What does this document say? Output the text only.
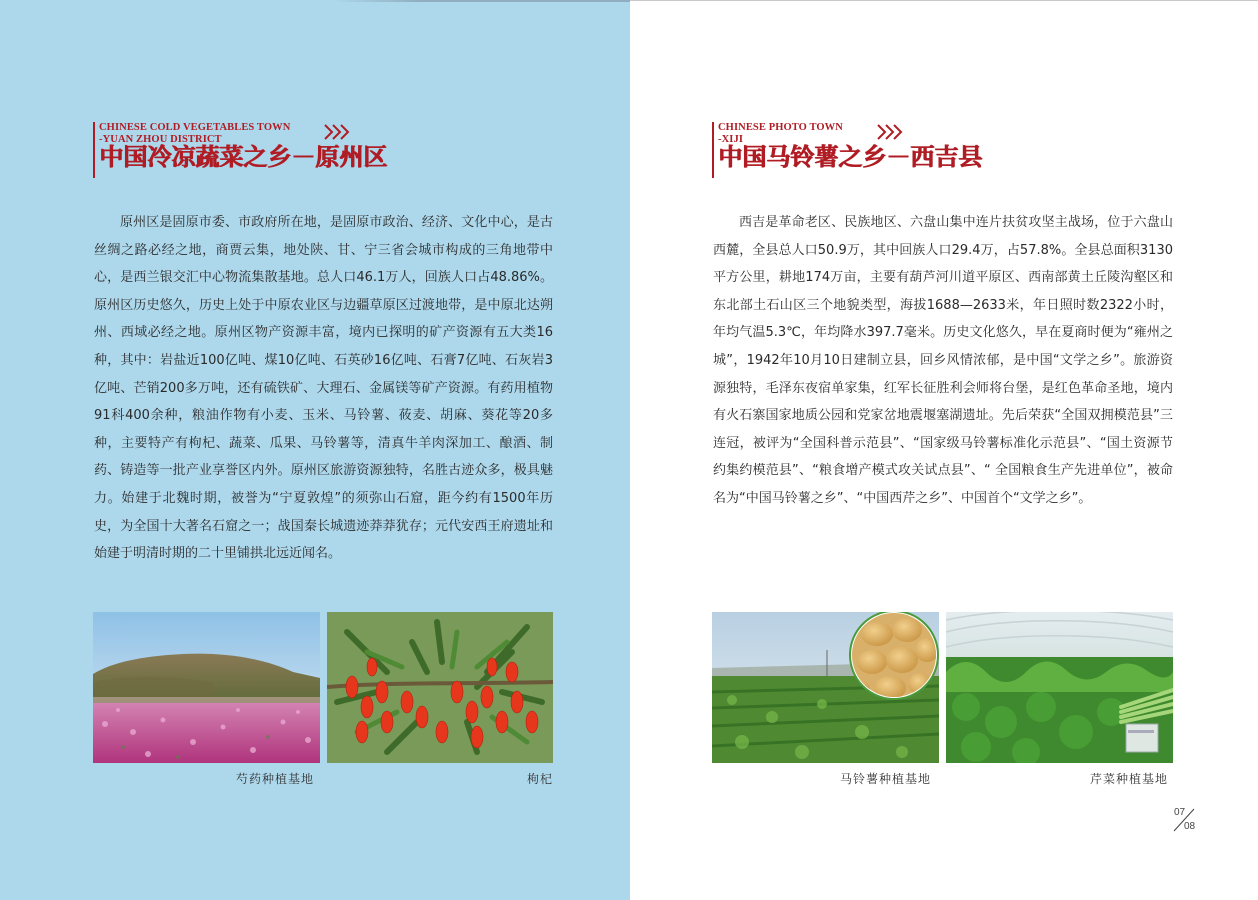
CHINESE COLD VEGETABLES TOWN
-YUAN ZHOU DISTRICT
中国冷凉蔬菜之乡－原州区
原州区是固原市委、市政府所在地，是固原市政治、经济、文化中心，是古丝绸之路必经之地，商贾云集，地处陕、甘、宁三省会城市构成的三角地带中心，是西兰银交汇中心物流集散基地。总人口46.1万人，回族人口占48.86%。原州区历史悠久，历史上处于中原农业区与边疆草原区过渡地带，是中原北达朔州、西域必经之地。原州区物产资源丰富，境内已探明的矿产资源有五大类16种，其中：岩盐近100亿吨、煤10亿吨、石英砂16亿吨、石膏7亿吨、石灰岩3亿吨、芒销200多万吨，还有硫铁矿、大理石、金属镁等矿产资源。有药用植物91科400余种，粮油作物有小麦、玉米、马铃薯、莜麦、胡麻、葵花等20多种，主要特产有枸杞、蔬菜、瓜果、马铃薯等，清真牛羊肉深加工、酿酒、制药、铸造等一批产业享誉区内外。原州区旅游资源独特，名胜古迹众多，极具魅力。始建于北魏时期，被誉为“宁夏敦煌”的须弥山石窟，距今约有1500年历史，为全国十大著名石窟之一；战国秦长城遗迹莽莽犹存；元代安西王府遗址和始建于明清时期的二十里铺拱北远近闻名。
芍药种植基地	枸杞
CHINESE PHOTO TOWN
-XIJI
中国马铃薯之乡－西吉县
西吉是革命老区、民族地区、六盘山集中连片扶贫攻坚主战场，位于六盘山西麓，全县总人口50.9万，其中回族人口29.4万，占57.8%。全县总面积3130平方公里，耕地174万亩，主要有葫芦河川道平原区、西南部黄土丘陵沟壑区和东北部土石山区三个地貌类型，海拔1688—2633米，年日照时数2322小时，年均气温5.3℃，年均降水397.7毫米。历史文化悠久，早在夏商时便为“雍州之城”，1942年10月10日建制立县，回乡风情浓郁，是中国“文学之乡”。旅游资源独特，毛泽东夜宿单家集，红军长征胜利会师将台堡，是红色革命圣地，境内有火石寨国家地质公园和党家岔地震堰塞湖遗址。先后荣获“全国双拥模范县”三连冠，被评为“全国科普示范县”、“国家级马铃薯标准化示范县”、“国土资源节约集约模范县”、“粮食增产模式攻关试点县”、“ 全国粮食生产先进单位”，被命名为“中国马铃薯之乡”、“中国西芹之乡”、中国首个“文学之乡”。
马铃薯种植基地	芹菜种植基地
07
08
